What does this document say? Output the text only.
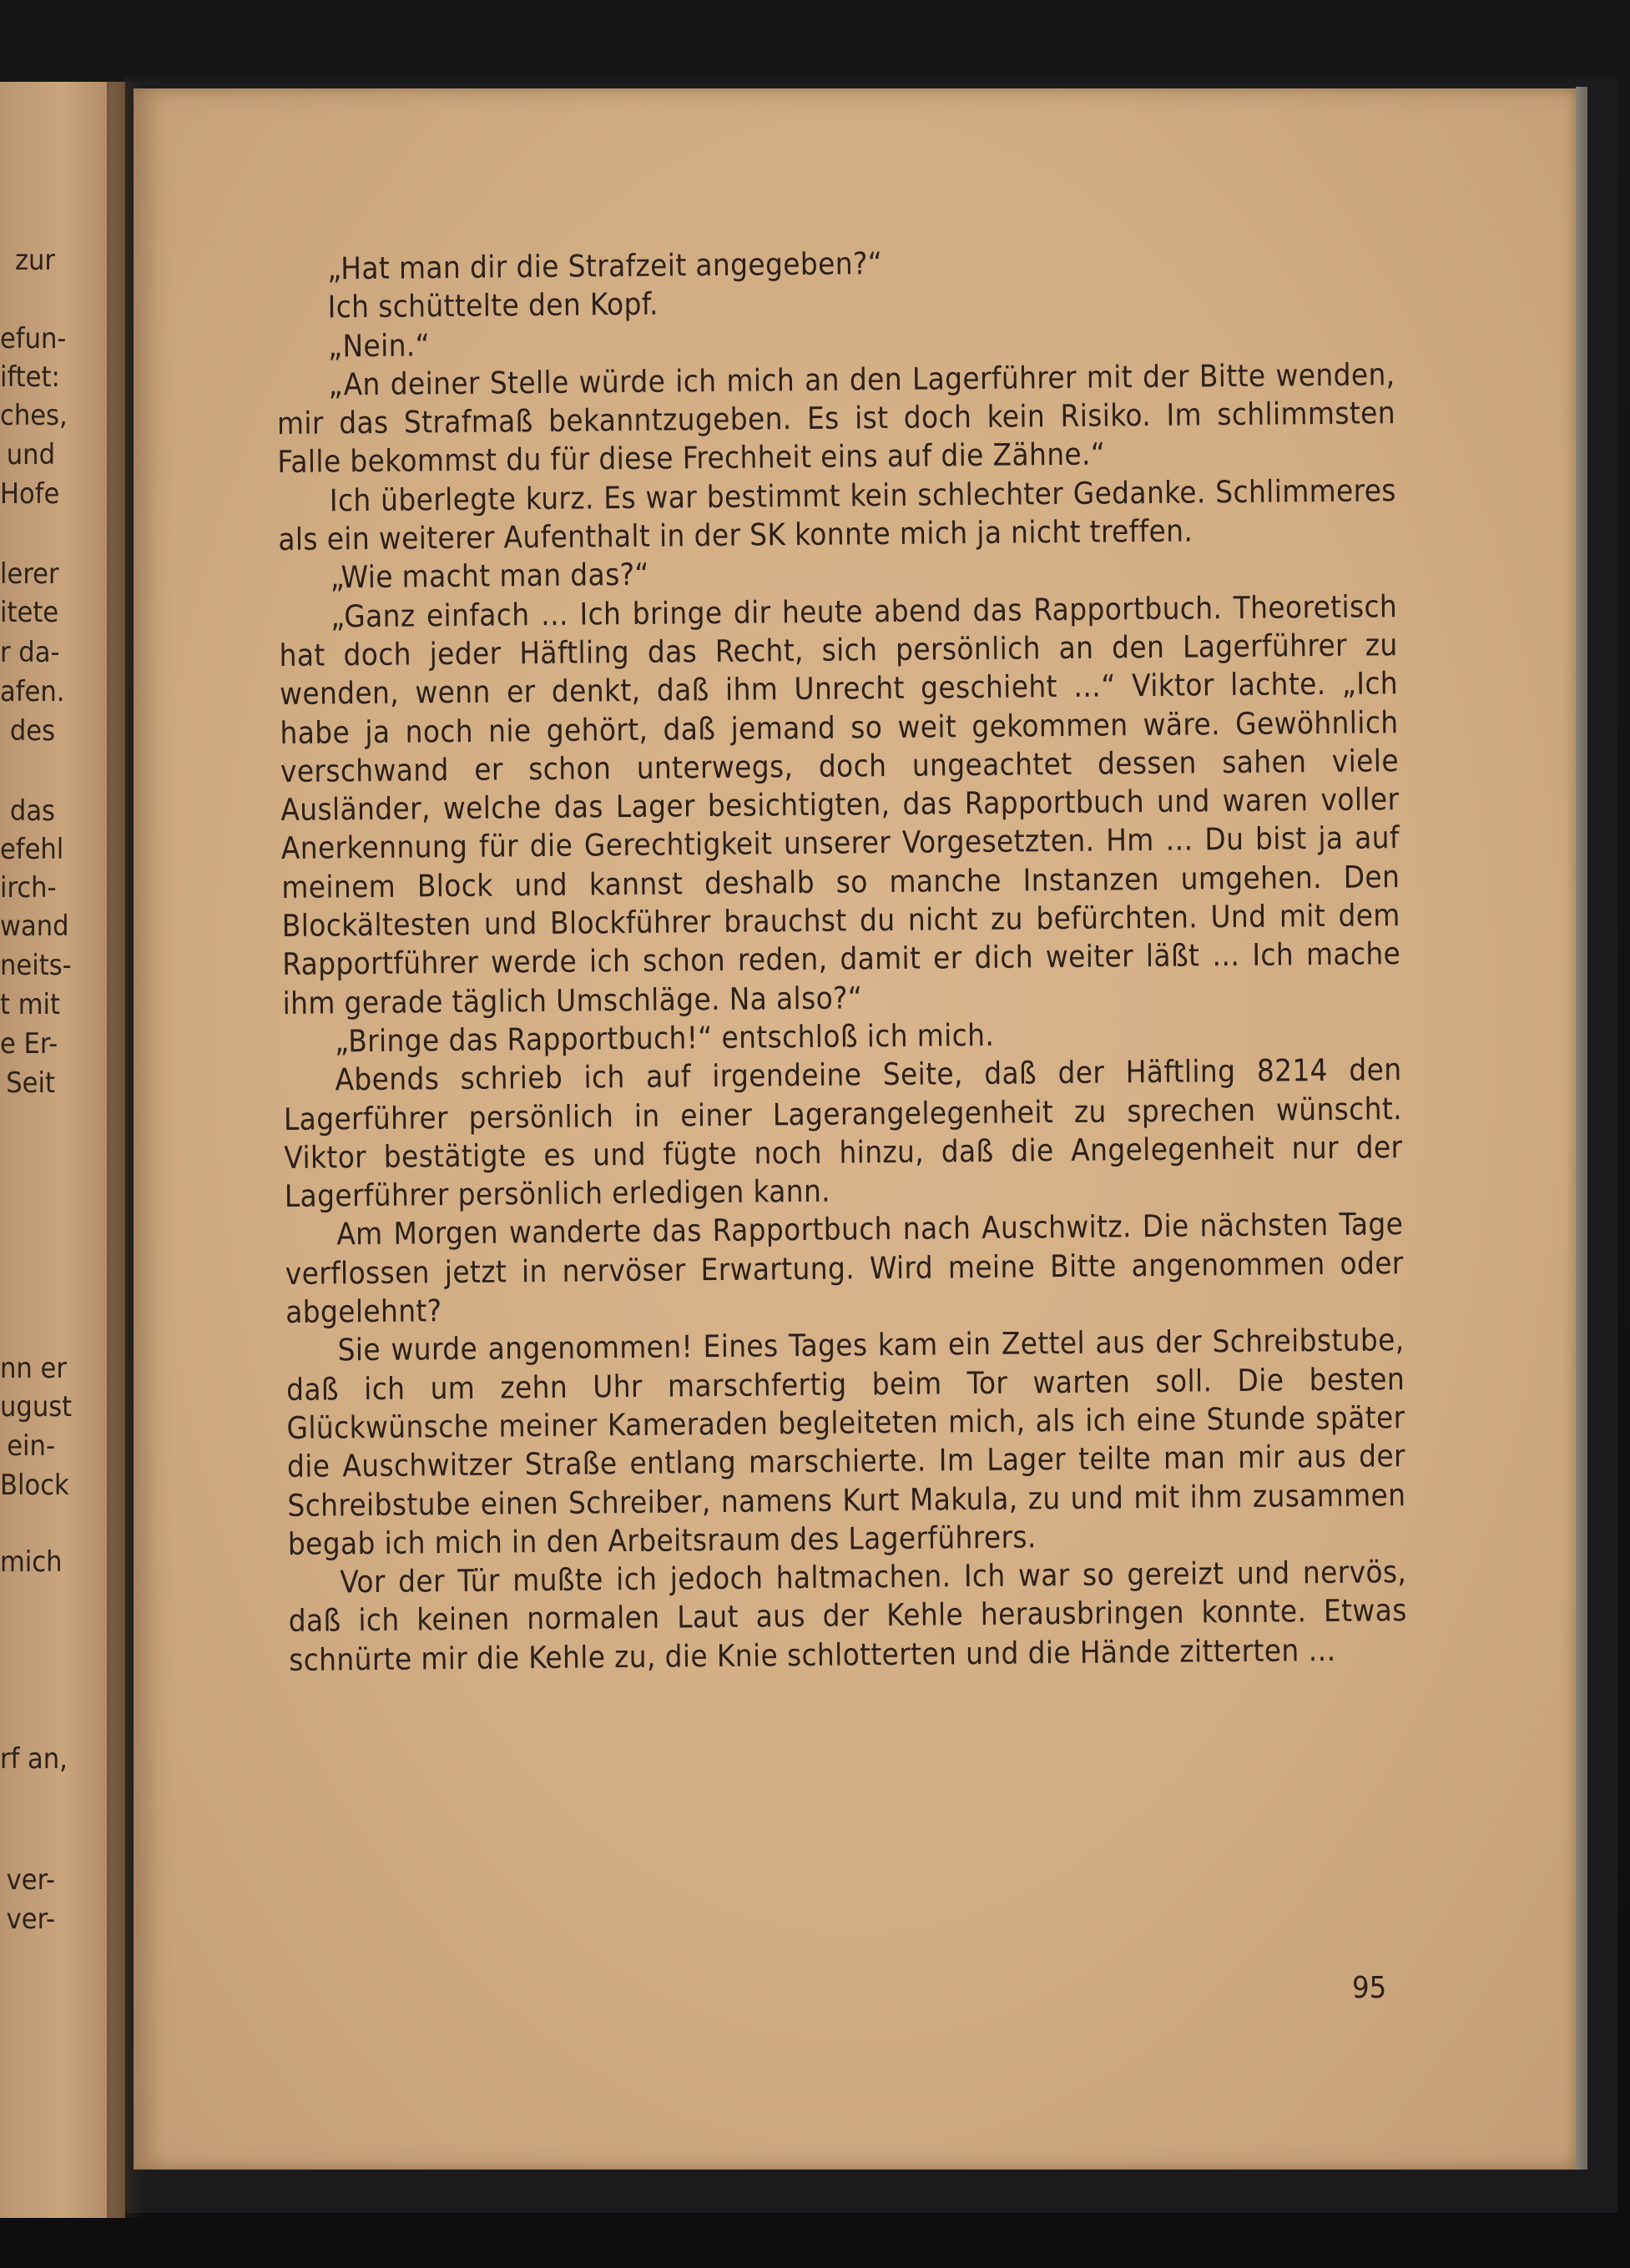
zur
efun-
iftet:
ches,
und
Hofe
lerer
itete
r da-
afen.
des
das
efehl
irch-
wand
neits-
t mit
e Er-
Seit
nn er
ugust
ein-
Block
mich
rf an,
ver-
ver-

„Hat man dir die Strafzeit angegeben?“

Ich schüttelte den Kopf.

„Nein.“

„An deiner Stelle würde ich mich an den Lagerführer mit der Bitte wenden, mir das Strafmaß bekanntzugeben. Es ist doch kein Risiko. Im schlimmsten Falle bekommst du für diese Frechheit eins auf die Zähne.“

Ich überlegte kurz. Es war bestimmt kein schlechter Gedanke. Schlimmeres als ein weiterer Aufenthalt in der SK konnte mich ja nicht treffen.

„Wie macht man das?“

„Ganz einfach … Ich bringe dir heute abend das Rapportbuch. Theoretisch hat doch jeder Häftling das Recht, sich persönlich an den Lagerführer zu wenden, wenn er denkt, daß ihm Unrecht geschieht …“ Viktor lachte. „Ich habe ja noch nie gehört, daß jemand so weit gekommen wäre. Gewöhnlich verschwand er schon unterwegs, doch ungeachtet dessen sahen viele Ausländer, welche das Lager besichtigten, das Rapportbuch und waren voller Anerkennung für die Gerechtigkeit unserer Vorgesetzten. Hm … Du bist ja auf meinem Block und kannst deshalb so manche Instanzen umgehen. Den Blockältesten und Blockführer brauchst du nicht zu befürchten. Und mit dem Rapportführer werde ich schon reden, damit er dich weiter läßt … Ich mache ihm gerade täglich Umschläge. Na also?“

„Bringe das Rapportbuch!“ entschloß ich mich.

Abends schrieb ich auf irgendeine Seite, daß der Häftling 8214 den Lagerführer persönlich in einer Lagerangelegenheit zu sprechen wünscht. Viktor bestätigte es und fügte noch hinzu, daß die Angelegenheit nur der Lagerführer persönlich erledigen kann.

Am Morgen wanderte das Rapportbuch nach Auschwitz. Die nächsten Tage verflossen jetzt in nervöser Erwartung. Wird meine Bitte angenommen oder abgelehnt?

Sie wurde angenommen! Eines Tages kam ein Zettel aus der Schreibstube, daß ich um zehn Uhr marschfertig beim Tor warten soll. Die besten Glückwünsche meiner Kameraden begleiteten mich, als ich eine Stunde später die Auschwitzer Straße entlang marschierte. Im Lager teilte man mir aus der Schreibstube einen Schreiber, namens Kurt Makula, zu und mit ihm zusammen begab ich mich in den Arbeitsraum des Lagerführers.

Vor der Tür mußte ich jedoch haltmachen. Ich war so gereizt und nervös, daß ich keinen normalen Laut aus der Kehle herausbringen konnte. Etwas schnürte mir die Kehle zu, die Knie schlotterten und die Hände zitterten …

95
